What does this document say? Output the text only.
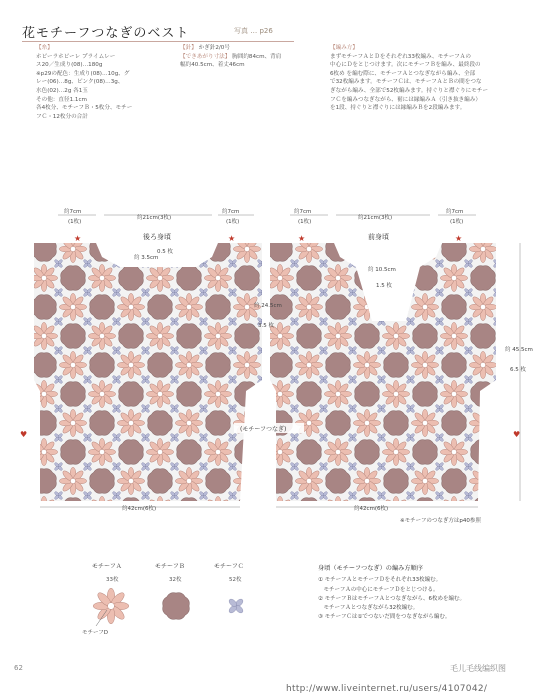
花モチーフつなぎのベスト	写真 … p26
【糸】
ホビーラホビーレ プライムレー
ス20／生成り(08)…180g
※p29の配色：生成り(08)…10g、グ
レー(06)…8g、ピンク(08)…3g、
水色(02)…2g 各1玉
その他：直径1.1cm
各4枚分、モチーフＢ・5枚分、モチー
フＣ・12枚分の合計
【針】 かぎ針2/0号
【できあがり寸法】 胸囲約84cm、背肩
幅約40.5cm、着丈46cm
【編み方】
まずモチーフＡとＤをそれぞれ33枚編み、モチーフＡの
中心にＤをとじつけます。次にモチーフＢを編み、最終段の
6枚め を編む際に、モチーフＡとつなぎながら編み、全部
で32枚編みます。モチーフＣは、モチーフＡとＢの間をつな
ぎながら編み、全部で52枚編みます。持ぐりと襟ぐりにモチー
フＣを編みつなぎながら、裾には縁編みＡ（引き抜き編み）
を1段、持ぐりと襟ぐりには縁編みＢを2段編みます。
後ろ身頃	前身頃
(モチーフつなぎ)
約7cm
(1枚)
約21cm(3枚)
約7cm
(1枚)
約7cm
(1枚)
約21cm(3枚)
約7cm
(1枚)
約 3.5cm
0.5 枚
約 10.5cm
1.5 枚
約 24.5cm
3.5 枚
約 45.5cm
6.5 枚
約42cm(6枚)	約42cm(6枚)
※モチーフのつなぎ方はp40参照
★	★	★	★
♥	♥
モチーフＡ
33枚
モチーフＢ
32枚
モチーフＣ
52枚
モチーフD
身頃（モチーフつなぎ）の編み方順序
① モチーフＡとモチーフＤをそれぞれ33枚編む。
　モチーフＡの中心にモチーフＤをとじつける。
② モチーフＢはモチーフＡとつなぎながら、6枚めを編む。
　モチーフＡとつなぎながら32枚編む。
③ モチーフＣは①でつないだ間をつなぎながら編む。
62	毛儿毛线编织图
http://www.liveinternet.ru/users/4107042/
